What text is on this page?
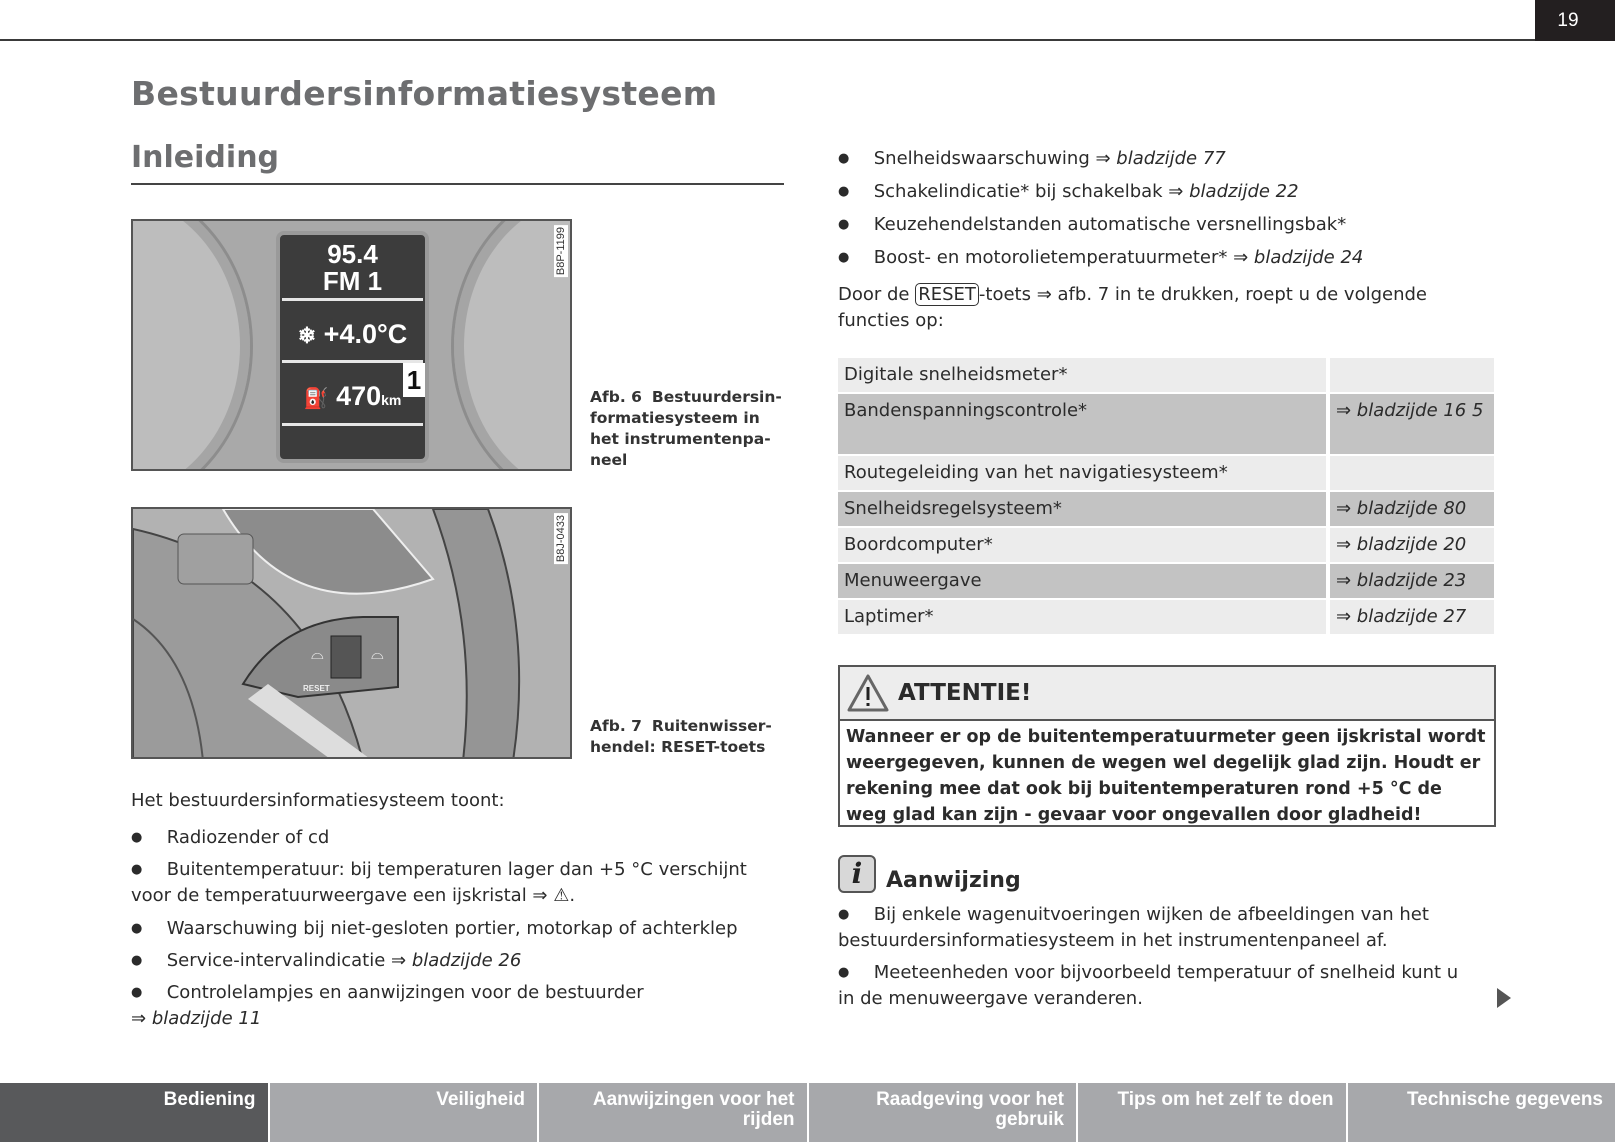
19
Bestuurdersinformatiesysteem
Inleiding
95.4
FM 1
❄ +4.0°C
⛽ 470km
1
B8P-1199
Afb. 6 Bestuurdersin-
formatiesysteem in
het instrumentenpa-
neel
⌓	⌓
RESET
B8J-0433
Afb. 7 Ruitenwisser-
hendel: RESET-toets
Het bestuurdersinformatiesysteem toont:
● Radiozender of cd
● Buitentemperatuur: bij temperaturen lager dan +5 °C verschijnt
voor de temperatuurweergave een ijskristal ⇒ ⚠.
● Waarschuwing bij niet-gesloten portier, motorkap of achterklep
● Service-intervalindicatie ⇒ bladzijde 26
● Controlelampjes en aanwijzingen voor de bestuurder
⇒ bladzijde 11
● Snelheidswaarschuwing ⇒ bladzijde 77
● Schakelindicatie* bij schakelbak ⇒ bladzijde 22
● Keuzehendelstanden automatische versnellingsbak*
● Boost- en motorolietemperatuurmeter* ⇒ bladzijde 24
Door de RESET -toets ⇒ afb. 7 in te drukken, roept u de volgende
functies op:
Digitale snelheidsmeter*	
Bandenspanningscontrole*	⇒ bladzijde 16 5
Routegeleiding van het navigatiesysteem*	
Snelheidsregelsysteem*	⇒ bladzijde 80
Boordcomputer*	⇒ bladzijde 20
Menuweergave	⇒ bladzijde 23
Laptimer*	⇒ bladzijde 27
ATTENTIE!
Wanneer er op de buitentemperatuurmeter geen ijskristal wordt weergegeven, kunnen de wegen wel degelijk glad zijn. Houdt er rekening mee dat ook bij buitentemperaturen rond +5 °C de weg glad kan zijn - gevaar voor ongevallen door gladheid!
i	Aanwijzing
● Bij enkele wagenuitvoeringen wijken de afbeeldingen van het
bestuurdersinformatiesysteem in het instrumentenpaneel af.
● Meeteenheden voor bijvoorbeeld temperatuur of snelheid kunt u
in de menuweergave veranderen.
Bediening	Veiligheid	Aanwijzingen voor het rijden
Raadgeving voor het gebruik
Tips om het zelf te doen	Technische gegevens
